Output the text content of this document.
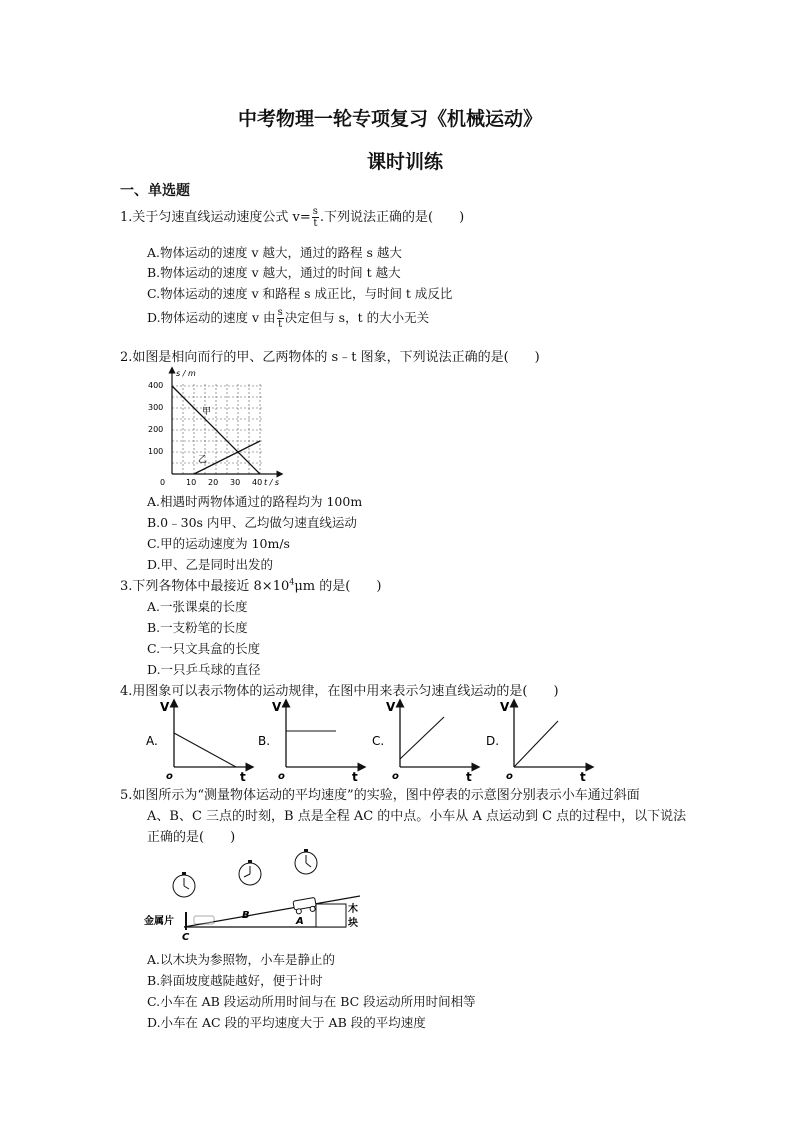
中考物理一轮专项复习《机械运动》
课时训练
一、单选题
1.关于匀速直线运动速度公式 $v= \frac{s}{t}$ .下列说法正确的是(　　)
A.物体运动的速度 v 越大，通过的路程 s 越大
B.物体运动的速度 v 越大，通过的时间 t 越大
C.物体运动的速度 v 和路程 s 成正比，与时间 t 成反比
D.物体运动的速度 v 由 $\frac{s}{t}$ 决定但与 s，t 的大小无关
2.如图是相向而行的甲、乙两物体的 s﹣t 图象，下列说法正确的是(　　)
s / m
t / s
400
300
200
100
0	10 20 30 40
甲
乙
A.相遇时两物体通过的路程均为 100m
B.0﹣30s 内甲、乙均做匀速直线运动
C.甲的运动速度为 10m/s
D.甲、乙是同时出发的
3.下列各物体中最接近 $8\times 10^4\mu m$ 的是(　　)
A.一张课桌的长度
B.一支粉笔的长度
C.一只文具盒的长度
D.一只乒乓球的直径
4.用图象可以表示物体的运动规律，在图中用来表示匀速直线运动的是(　　)
A.
V
t
o
B.
V
t
o
C.
V
t
o
D.
V
t
o
5.如图所示为“测量物体运动的平均速度”的实验，图中停表的示意图分别表示小车通过斜面
A、B、C 三点的时刻，B 点是全程 AC 的中点。小车从 A 点运动到 C 点的过程中，以下说法
正确的是(　　)
金属片
木
块
A
B
C
A.以木块为参照物，小车是静止的
B.斜面坡度越陡越好，便于计时
C.小车在 AB 段运动所用时间与在 BC 段运动所用时间相等
D.小车在 AC 段的平均速度大于 AB 段的平均速度
